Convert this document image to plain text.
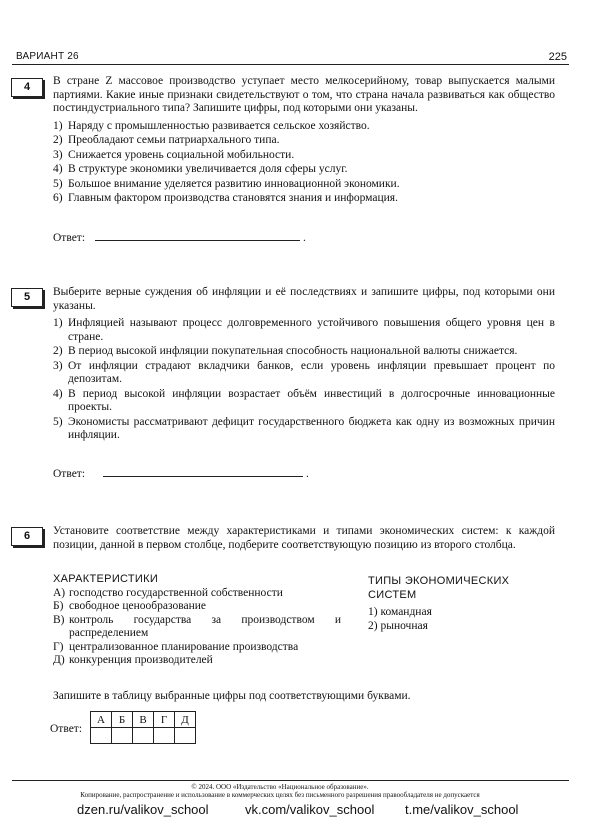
ВАРИАНТ 26	225
4	В стране Z массовое производство уступает место мелкосерийному, товар выпускается малыми партиями. Какие иные признаки свидетельствуют о том, что страна начала развиваться как общество постиндустриального типа? Запишите цифры, под которыми они указаны.

1) Наряду с промышленностью развивается сельское хозяйство.
2) Преобладают семьи патриархального типа.
3) Снижается уровень социальной мобильности.
4) В структуре экономики увеличивается доля сферы услуг.
5) Большое внимание уделяется развитию инновационной экономики.
6) Главным фактором производства становятся знания и информация.
Ответ:	.
5	Выберите верные суждения об инфляции и её последствиях и запишите цифры, под которыми они указаны.

1) Инфляцией называют процесс долговременного устойчивого повышения общего уровня цен в стране.
2) В период высокой инфляции покупательная способность национальной валюты снижается.
3) От инфляции страдают вкладчики банков, если уровень инфляции превышает процент по депозитам.
4) В период высокой инфляции возрастает объём инвестиций в долгосрочные инновационные проекты.
5) Экономисты рассматривают дефицит государственного бюджета как одну из возможных причин инфляции.
Ответ:	.
6	Установите соответствие между характеристиками и типами экономических систем: к каждой позиции, данной в первом столбце, подберите соответствующую позицию из второго столбца.

ХАРАКТЕРИСТИКИ
А) господство государственной собственности
Б) свободное ценообразование
В) контроль государства за производством и распределением
Г) централизованное планирование производства
Д) конкуренция производителей
ТИПЫ ЭКОНОМИЧЕСКИХ СИСТЕМ
1) командная
2) рыночная

Запишите в таблицу выбранные цифры под соответствующими буквами.

Ответ:
А	Б	В	Г	Д

© 2024. ООО «Издательство «Национальное образование».
Копирование, распространение и использование в коммерческих целях без письменного разрешения правообладателя не допускается
dzen.ru/valikov_school	vk.com/valikov_school t.me/valikov_school
